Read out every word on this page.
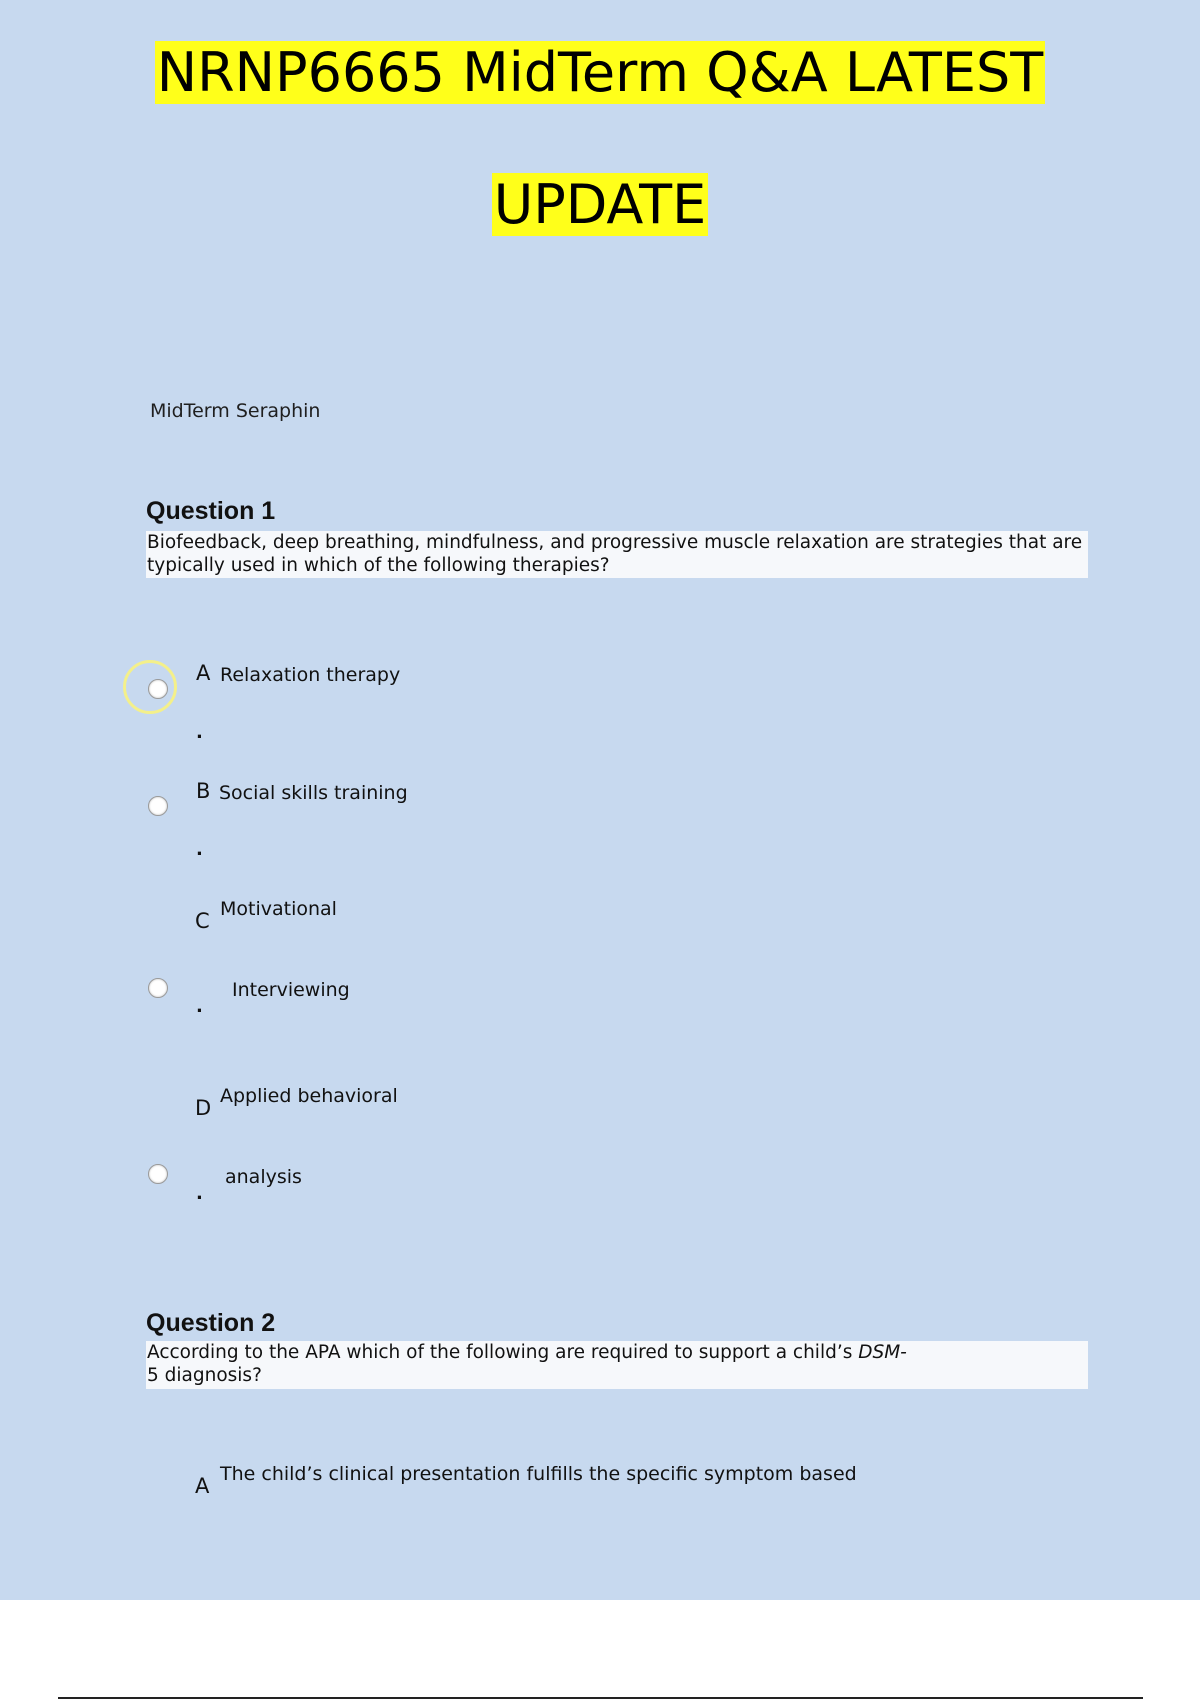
NRNP6665 MidTerm Q&A LATEST
UPDATE
MidTerm Seraphin
Question 1
Biofeedback, deep breathing, mindfulness, and progressive muscle relaxation are strategies that are typically used in which of the following therapies?
A Relaxation therapy
.
B Social skills training
.
C Motivational
Interviewing
.
D Applied behavioral
analysis
.
Question 2
According to the APA which of the following are required to support a child’s DSM-
5 diagnosis?
A The child’s clinical presentation fulfills the specific symptom based
